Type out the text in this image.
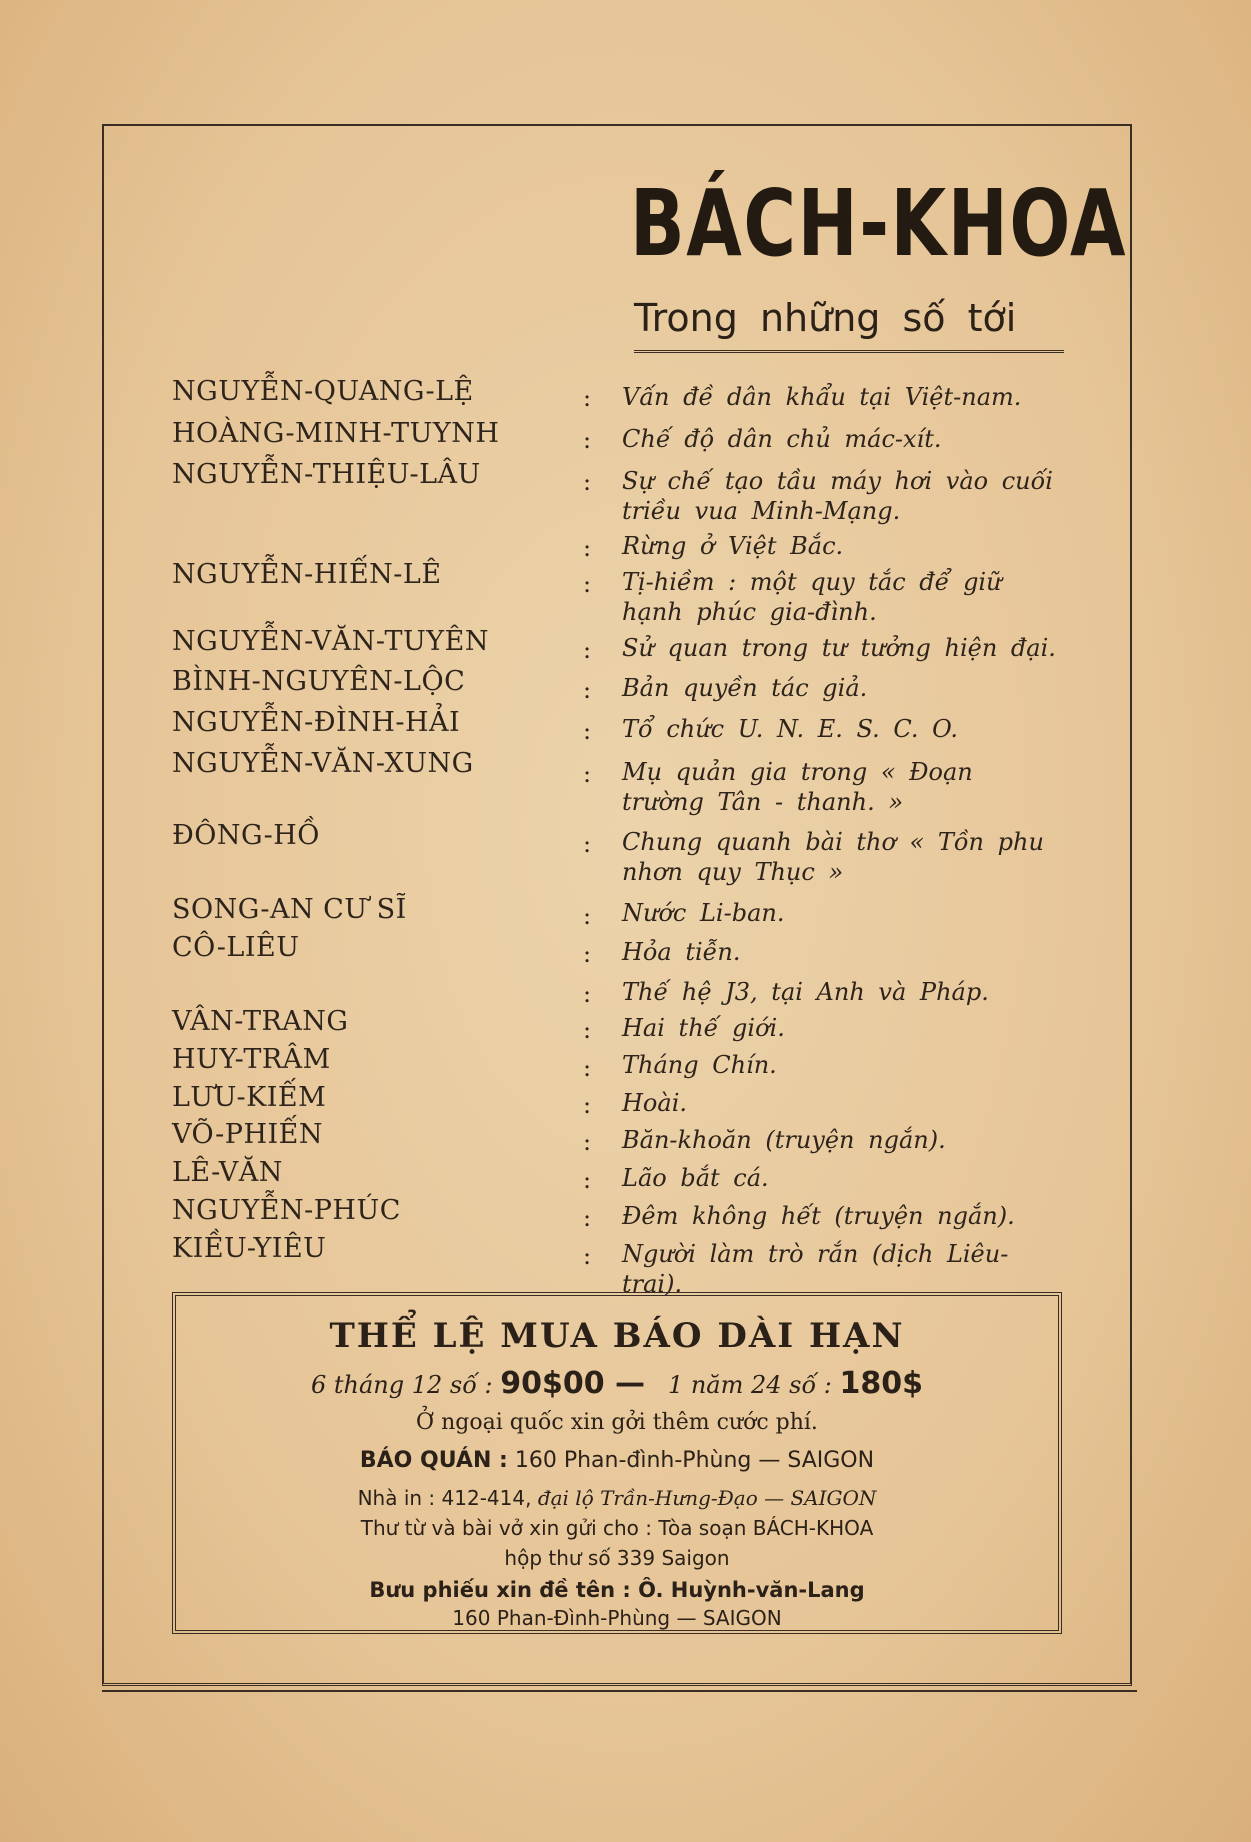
BÁCH-KHOA
Trong những số tới
NGUYỄN-QUANG-LỆ	: Vấn đề dân khẩu tại Việt-nam.
HOÀNG-MINH-TUYNH	: Chế độ dân chủ mác-xít.
NGUYỄN-THIỆU-LÂU	: Sự chế tạo tầu máy hơi vào cuối triều vua Minh-Mạng.
: Rừng ở Việt Bắc.
NGUYỄN-HIẾN-LÊ	: Tị-hiềm : một quy tắc để giữ hạnh phúc gia-đình.
NGUYỄN-VĂN-TUYÊN	: Sử quan trong tư tưởng hiện đại.
BÌNH-NGUYÊN-LỘC	: Bản quyền tác giả.
NGUYỄN-ĐÌNH-HẢI	: Tổ chức U. N. E. S. C. O.
NGUYỄN-VĂN-XUNG	: Mụ quản gia trong « Đoạn trường Tân - thanh. »
ĐÔNG-HỒ	: Chung quanh bài thơ « Tồn phu nhơn quy Thục »
SONG-AN CƯ SĨ	: Nước Li-ban.
CÔ-LIÊU	: Hỏa tiễn.
: Thế hệ J3, tại Anh và Pháp.
VÂN-TRANG	: Hai thế giới.
HUY-TRÂM	: Tháng Chín.
LƯU-KIẾM	: Hoài.
VÕ-PHIẾN	: Băn-khoăn (truyện ngắn).
LÊ-VĂN	: Lão bắt cá.
NGUYỄN-PHÚC	: Đêm không hết (truyện ngắn).
KIỀU-YIÊU	: Người làm trò rắn (dịch Liêu-trai).
THỂ LỆ MUA BÁO DÀI HẠN
6 tháng 12 số : 90$00 — 1 năm 24 số : 180$
Ở ngoại quốc xin gởi thêm cước phí.
BÁO QUÁN : 160 Phan-đình-Phùng — SAIGON
Nhà in : 412-414, đại lộ Trần-Hưng-Đạo — SAIGON
Thư từ và bài vở xin gửi cho : Tòa soạn BÁCH-KHOA
hộp thư số 339 Saigon
Bưu phiếu xin đề tên : Ô. Huỳnh-văn-Lang
160 Phan-Đình-Phùng — SAIGON
